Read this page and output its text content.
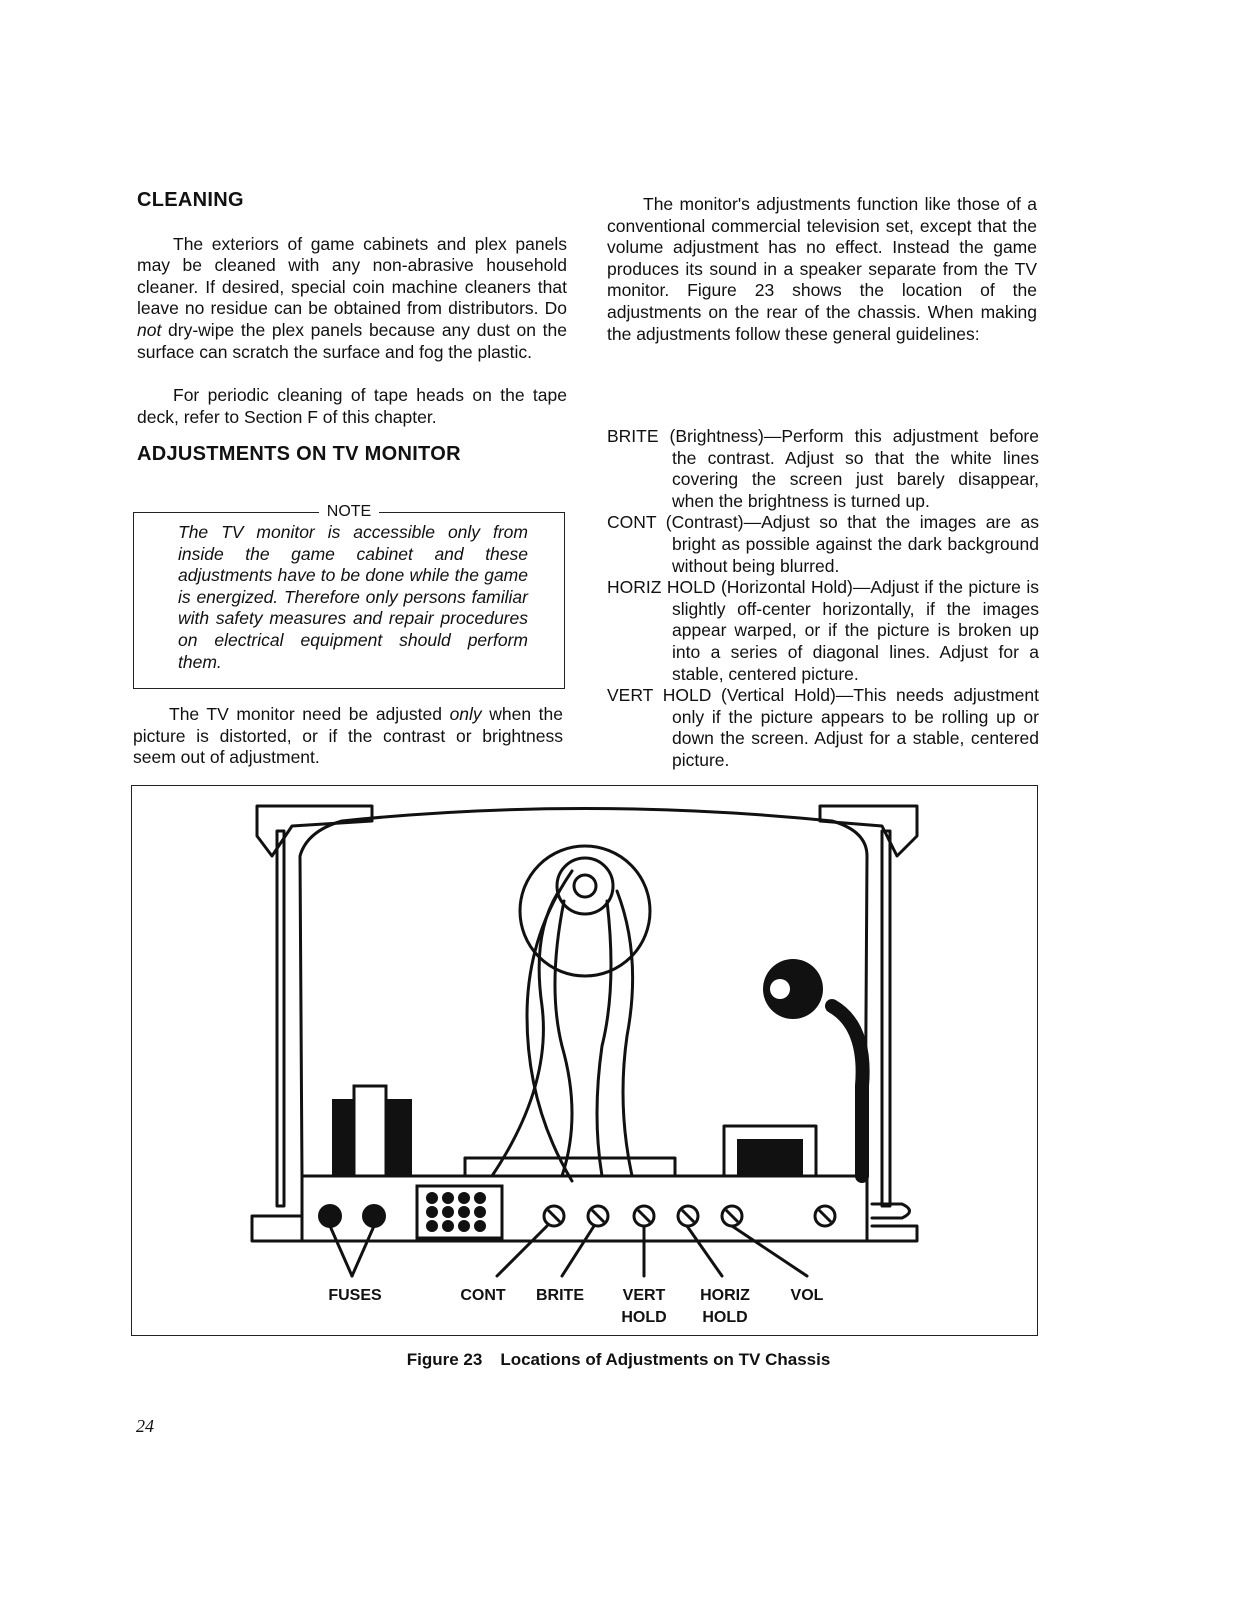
CLEANING

The exteriors of game cabinets and plex panels may be cleaned with any non-abrasive household cleaner. If desired, special coin machine cleaners that leave no residue can be obtained from distributors. Do not dry-wipe the plex panels because any dust on the surface can scratch the surface and fog the plastic.

For periodic cleaning of tape heads on the tape deck, refer to Section F of this chapter.

ADJUSTMENTS ON TV MONITOR
NOTE
The TV monitor is accessible only from inside the game cabinet and these adjustments have to be done while the game is energized. Therefore only persons familiar with safety measures and repair procedures on electrical equipment should perform them.

The TV monitor need be adjusted only when the picture is distorted, or if the contrast or brightness seem out of adjustment.

The monitor's adjustments function like those of a conventional commercial television set, except that the volume adjustment has no effect. Instead the game produces its sound in a speaker separate from the TV monitor. Figure 23 shows the location of the adjustments on the rear of the chassis. When making the adjustments follow these general guidelines:

BRITE (Brightness)—Perform this adjustment before the contrast. Adjust so that the white lines covering the screen just barely disappear, when the brightness is turned up.

CONT (Contrast)—Adjust so that the images are as bright as possible against the dark background without being blurred.

HORIZ HOLD (Horizontal Hold)—Adjust if the picture is slightly off-center horizontally, if the images appear warped, or if the picture is broken up into a series of diagonal lines. Adjust for a stable, centered picture.

VERT HOLD (Vertical Hold)—This needs adjustment only if the picture appears to be rolling up or down the screen. Adjust for a stable, centered picture.

FUSES	CONT BRITE VERT
HOLD
HORIZ
HOLD
VOL
Figure 23 Locations of Adjustments on TV Chassis
24
